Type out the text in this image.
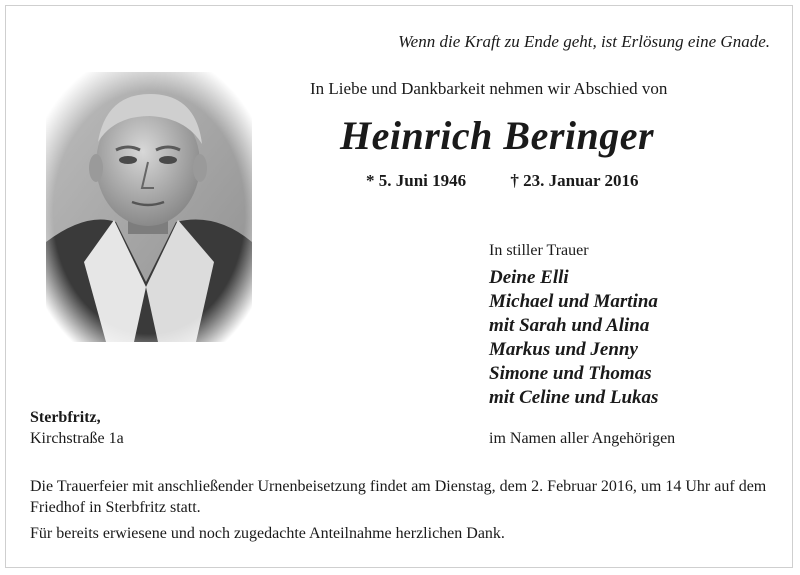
Wenn die Kraft zu Ende geht, ist Erlösung eine Gnade.
In Liebe und Dankbarkeit nehmen wir Abschied von
Heinrich Beringer
* 5. Juni 1946	† 23. Januar 2016
In stiller Trauer
Deine Elli
Michael und Martina
mit Sarah und Alina
Markus und Jenny
Simone und Thomas
mit Celine und Lukas
im Namen aller Angehörigen
Sterbfritz,
Kirchstraße 1a
Die Trauerfeier mit anschließender Urnenbeisetzung findet am Dienstag, dem 2. Februar 2016, um 14 Uhr auf dem Friedhof in Sterbfritz statt.
Für bereits erwiesene und noch zugedachte Anteilnahme herzlichen Dank.
